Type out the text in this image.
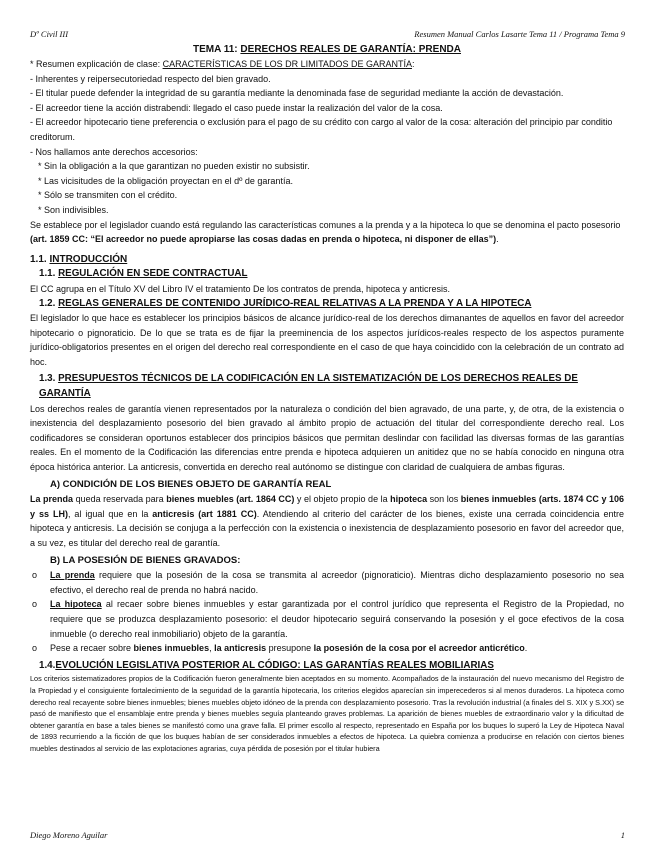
Dº Civil III	Resumen Manual Carlos Lasarte Tema 11 / Programa Tema 9

TEMA 11: DERECHOS REALES DE GARANTÍA: PRENDA

* Resumen explicación de clase: CARACTERÍSTICAS DE LOS DR LIMITADOS DE GARANTÍA:

- Inherentes y reipersecutoriedad respecto del bien gravado.

- El titular puede defender la integridad de su garantía mediante la denominada fase de seguridad mediante la acción de devastación.

- El acreedor tiene la acción distrabendi: llegado el caso puede instar la realización del valor de la cosa.

- El acreedor hipotecario tiene preferencia o exclusión para el pago de su crédito con cargo al valor de la cosa: alteración del principio par conditio creditorum.

- Nos hallamos ante derechos accesorios:

* Sin la obligación a la que garantizan no pueden existir no subsistir.

* Las vicisitudes de la obligación proyectan en el dº de garantía.

* Sólo se transmiten con el crédito.

* Son indivisibles.

Se establece por el legislador cuando está regulando las características comunes a la prenda y a la hipoteca lo que se denomina el pacto posesorio (art. 1859 CC: “El acreedor no puede apropiarse las cosas dadas en prenda o hipoteca, ni disponer de ellas”).

1.1. INTRODUCCIÓN

1.1. REGULACIÓN EN SEDE CONTRACTUAL

El CC agrupa en el Título XV del Libro IV el tratamiento De los contratos de prenda, hipoteca y anticresis.

1.2. REGLAS GENERALES DE CONTENIDO JURÍDICO-REAL RELATIVAS A LA PRENDA Y A LA HIPOTECA

El legislador lo que hace es establecer los principios básicos de alcance jurídico-real de los derechos dimanantes de aquellos en favor del acreedor hipotecario o pignoraticio. De lo que se trata es de fijar la preeminencia de los aspectos jurídicos-reales respecto de los aspectos puramente jurídico-obligatorios presentes en el origen del derecho real correspondiente en el caso de que haya coincidido con la celebración de un contrato ad hoc.

1.3. PRESUPUESTOS TÉCNICOS DE LA CODIFICACIÓN EN LA SISTEMATIZACIÓN DE LOS DERECHOS REALES DE GARANTÍA

Los derechos reales de garantía vienen representados por la naturaleza o condición del bien agravado, de una parte, y, de otra, de la existencia o inexistencia del desplazamiento posesorio del bien gravado al ámbito propio de actuación del titular del correspondiente derecho real. Los codificadores se consideran oportunos establecer dos principios básicos que permitan deslindar con facilidad las diversas formas de las garantías reales. En el momento de la Codificación las diferencias entre prenda e hipoteca adquieren un anitidez que no se había conocido en ninguna otra época histórica anterior. La anticresis, convertida en derecho real autónomo se distingue con claridad de cualquiera de ambas figuras.

A) CONDICIÓN DE LOS BIENES OBJETO DE GARANTÍA REAL

La prenda queda reservada para bienes muebles (art. 1864 CC) y el objeto propio de la hipoteca son los bienes inmuebles (arts. 1874 CC y 106 y ss LH), al igual que en la anticresis (art 1881 CC). Atendiendo al criterio del carácter de los bienes, existe una cerrada coincidencia entre hipoteca y anticresis. La decisión se conjuga a la perfección con la existencia o inexistencia de desplazamiento posesorio en favor del acreedor que, a su vez, es titular del derecho real de garantía.

B) LA POSESIÓN DE BIENES GRAVADOS:

o La prenda requiere que la posesión de la cosa se transmita al acreedor (pignoraticio). Mientras dicho desplazamiento posesorio no sea efectivo, el derecho real de prenda no habrá nacido.
o La hipoteca al recaer sobre bienes inmuebles y estar garantizada por el control jurídico que representa el Registro de la Propiedad, no requiere que se produzca desplazamiento posesorio: el deudor hipotecario seguirá conservando la posesión y el goce efectivos de la cosa inmueble (o derecho real inmobiliario) objeto de la garantía.
o Pese a recaer sobre bienes inmuebles, la anticresis presupone la posesión de la cosa por el acreedor anticrético.

1.4.EVOLUCIÓN LEGISLATIVA POSTERIOR AL CÓDIGO: LAS GARANTÍAS REALES MOBILIARIAS

Los criterios sistematizadores propios de la Codificación fueron generalmente bien aceptados en su momento. Acompañados de la instauración del nuevo mecanismo del Registro de la Propiedad y el consiguiente fortalecimiento de la seguridad de la garantía hipotecaria, los criterios elegidos aparecían sin imperecederos si al menos duraderos. La hipoteca como derecho real recayente sobre bienes inmuebles; bienes muebles objeto idóneo de la prenda con desplazamiento posesorio. Tras la revolución industrial (a finales del S. XIX y S.XX) se pasó de manifiesto que el ensamblaje entre prenda y bienes muebles seguía planteando graves problemas. La aparición de bienes muebles de extraordinario valor y la dificultad de obtener garantía en base a tales bienes se manifestó como una grave falla. El primer escollo al respecto, representado en España por los buques lo superó la Ley de Hipoteca Naval de 1893 recurriendo a la ficción de que los buques habían de ser considerados inmuebles a efectos de hipoteca. La quiebra comienza a producirse en relación con ciertos bienes muebles destinados al servicio de las explotaciones agrarias, cuya pérdida de posesión por el titular hubiera

Diego Moreno Aguilar	1
